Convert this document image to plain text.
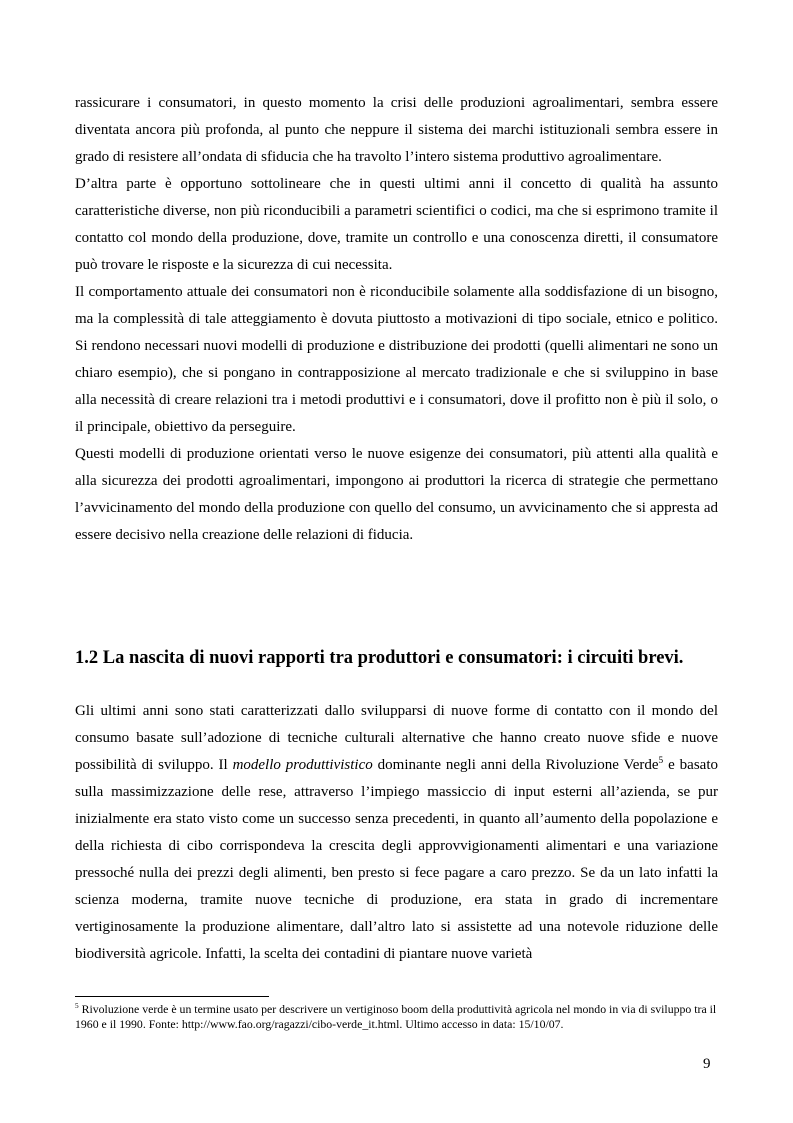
rassicurare i consumatori, in questo momento la crisi delle produzioni agroalimentari, sembra essere diventata ancora più profonda, al punto che neppure il sistema dei marchi istituzionali sembra essere in grado di resistere all’ondata di sfiducia che ha travolto l’intero sistema produttivo agroalimentare.

D’altra parte è opportuno sottolineare che in questi ultimi anni il concetto di qualità ha assunto caratteristiche diverse, non più riconducibili a parametri scientifici o codici, ma che si esprimono tramite il contatto col mondo della produzione, dove, tramite un controllo e una conoscenza diretti, il consumatore può trovare le risposte e la sicurezza di cui necessita.

Il comportamento attuale dei consumatori non è riconducibile solamente alla soddisfazione di un bisogno, ma la complessità di tale atteggiamento è dovuta piuttosto a motivazioni di tipo sociale, etnico e politico. Si rendono necessari nuovi modelli di produzione e distribuzione dei prodotti (quelli alimentari ne sono un chiaro esempio), che si pongano in contrapposizione al mercato tradizionale e che si sviluppino in base alla necessità di creare relazioni tra i metodi produttivi e i consumatori, dove il profitto non è più il solo, o il principale, obiettivo da perseguire.

Questi modelli di produzione orientati verso le nuove esigenze dei consumatori, più attenti alla qualità e alla sicurezza dei prodotti agroalimentari, impongono ai produttori la ricerca di strategie che permettano l’avvicinamento del mondo della produzione con quello del consumo, un avvicinamento che si appresta ad essere decisivo nella creazione delle relazioni di fiducia.

1.2 La nascita di nuovi rapporti tra produttori e consumatori: i circuiti brevi.

Gli ultimi anni sono stati caratterizzati dallo svilupparsi di nuove forme di contatto con il mondo del consumo basate sull’adozione di tecniche culturali alternative che hanno creato nuove sfide e nuove possibilità di sviluppo. Il modello produttivistico dominante negli anni della Rivoluzione Verde$^5$ e basato sulla massimizzazione delle rese, attraverso l’impiego massiccio di input esterni all’azienda, se pur inizialmente era stato visto come un successo senza precedenti, in quanto all’aumento della popolazione e della richiesta di cibo corrispondeva la crescita degli approvvigionamenti alimentari e una variazione pressoché nulla dei prezzi degli alimenti, ben presto si fece pagare a caro prezzo. Se da un lato infatti la scienza moderna, tramite nuove tecniche di produzione, era stata in grado di incrementare vertiginosamente la produzione alimentare, dall’altro lato si assistette ad una notevole riduzione delle biodiversità agricole. Infatti, la scelta dei contadini di piantare nuove varietà

$^5$ Rivoluzione verde è un termine usato per descrivere un vertiginoso boom della produttività agricola nel mondo in via di sviluppo tra il 1960 e il 1990. Fonte: http://www.fao.org/ragazzi/cibo-verde_it.html. Ultimo accesso in data: 15/10/07.

9
